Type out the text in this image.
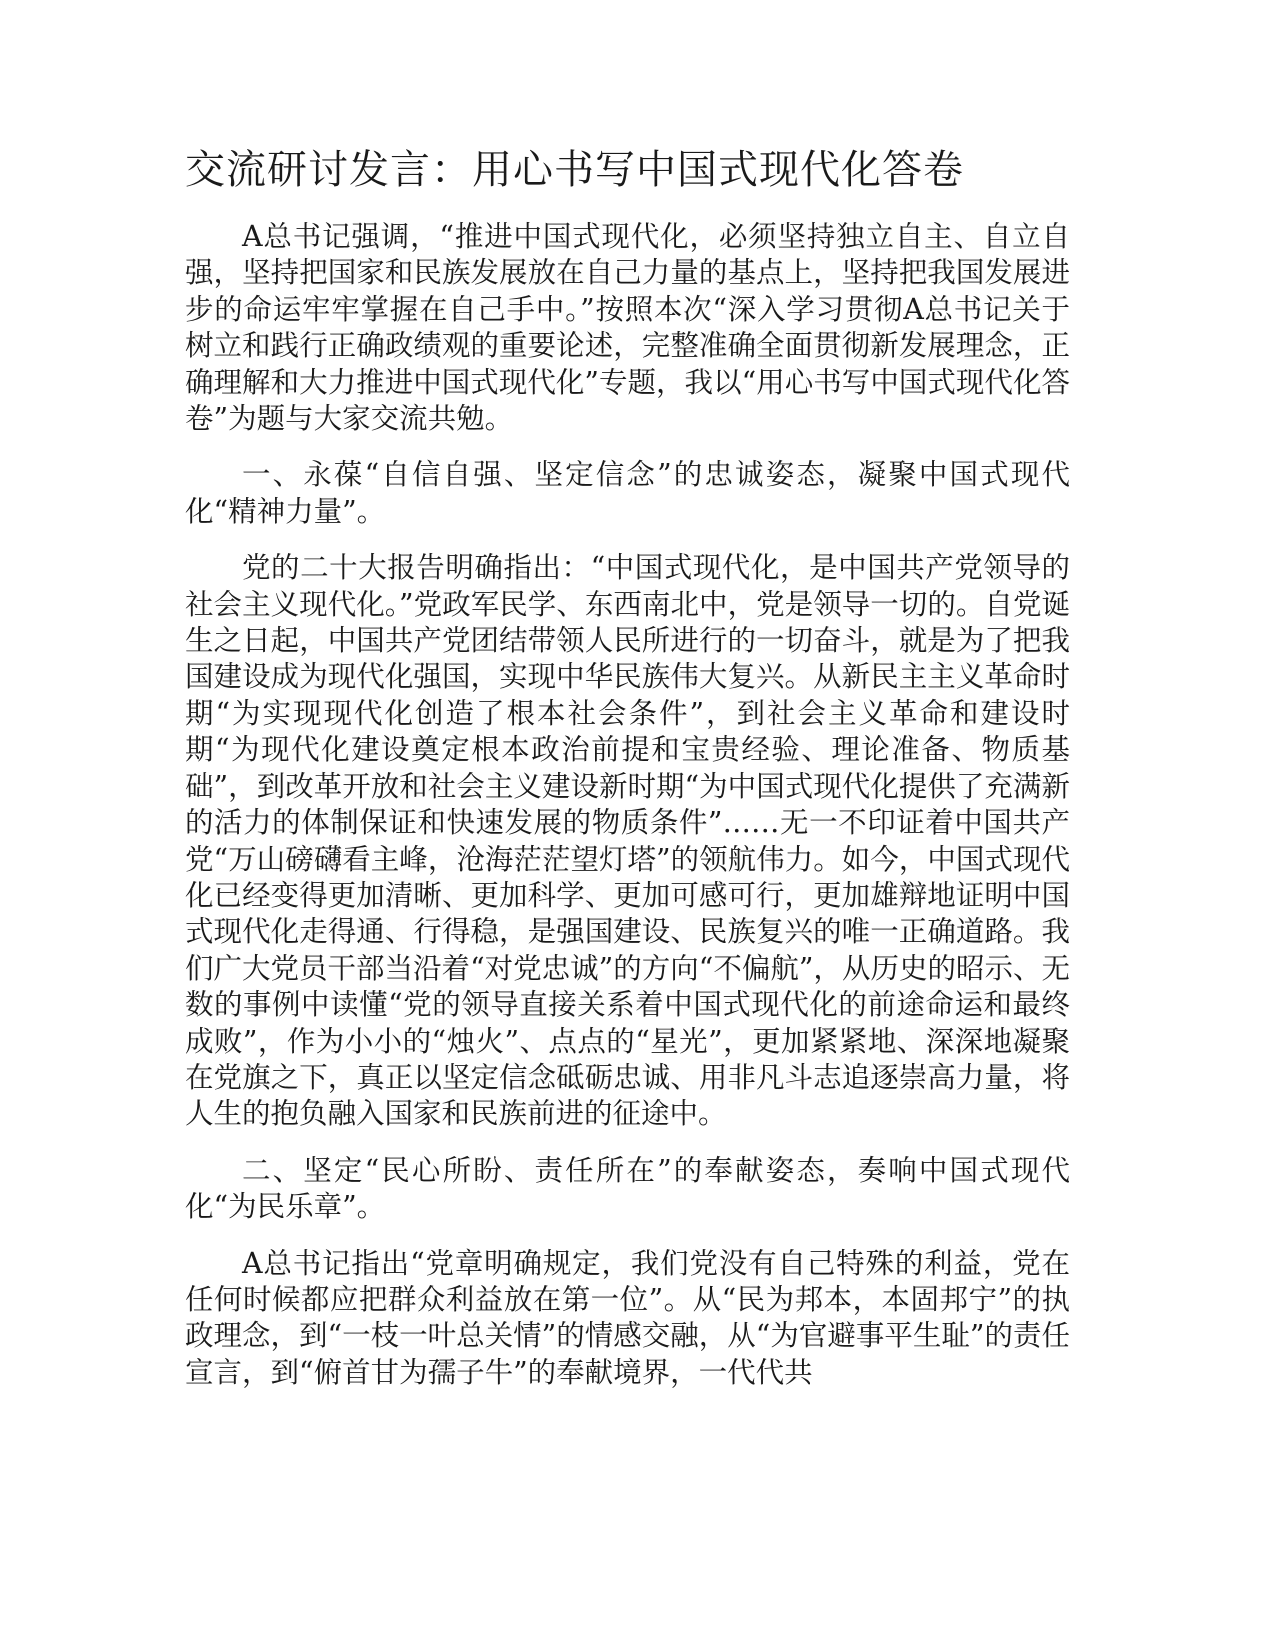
交流研讨发言：用心书写中国式现代化答卷

A总书记强调，“推进中国式现代化，必须坚持独立自主、自立自强，坚持把国家和民族发展放在自己力量的基点上，坚持把我国发展进步的命运牢牢掌握在自己手中。”按照本次“深入学习贯彻A总书记关于树立和践行正确政绩观的重要论述，完整准确全面贯彻新发展理念，正确理解和大力推进中国式现代化”专题，我以“用心书写中国式现代化答卷”为题与大家交流共勉。

一、永葆“自信自强、坚定信念”的忠诚姿态，凝聚中国式现代化“精神力量”。

党的二十大报告明确指出：“中国式现代化，是中国共产党领导的社会主义现代化。”党政军民学、东西南北中，党是领导一切的。自党诞生之日起，中国共产党团结带领人民所进行的一切奋斗，就是为了把我国建设成为现代化强国，实现中华民族伟大复兴。从新民主主义革命时期“为实现现代化创造了根本社会条件”，到社会主义革命和建设时期“为现代化建设奠定根本政治前提和宝贵经验、理论准备、物质基础”，到改革开放和社会主义建设新时期“为中国式现代化提供了充满新的活力的体制保证和快速发展的物质条件”……无一不印证着中国共产党“万山磅礴看主峰，沧海茫茫望灯塔”的领航伟力。如今，中国式现代化已经变得更加清晰、更加科学、更加可感可行，更加雄辩地证明中国式现代化走得通、行得稳，是强国建设、民族复兴的唯一正确道路。我们广大党员干部当沿着“对党忠诚”的方向“不偏航”，从历史的昭示、无数的事例中读懂“党的领导直接关系着中国式现代化的前途命运和最终成败”，作为小小的“烛火”、点点的“星光”，更加紧紧地、深深地凝聚在党旗之下，真正以坚定信念砥砺忠诚、用非凡斗志追逐崇高力量，将人生的抱负融入国家和民族前进的征途中。

二、坚定“民心所盼、责任所在”的奉献姿态，奏响中国式现代化“为民乐章”。

A总书记指出“党章明确规定，我们党没有自己特殊的利益，党在任何时候都应把群众利益放在第一位”。从“民为邦本，本固邦宁”的执政理念，到“一枝一叶总关情”的情感交融，从“为官避事平生耻”的责任宣言，到“俯首甘为孺子牛”的奉献境界，一代代共
